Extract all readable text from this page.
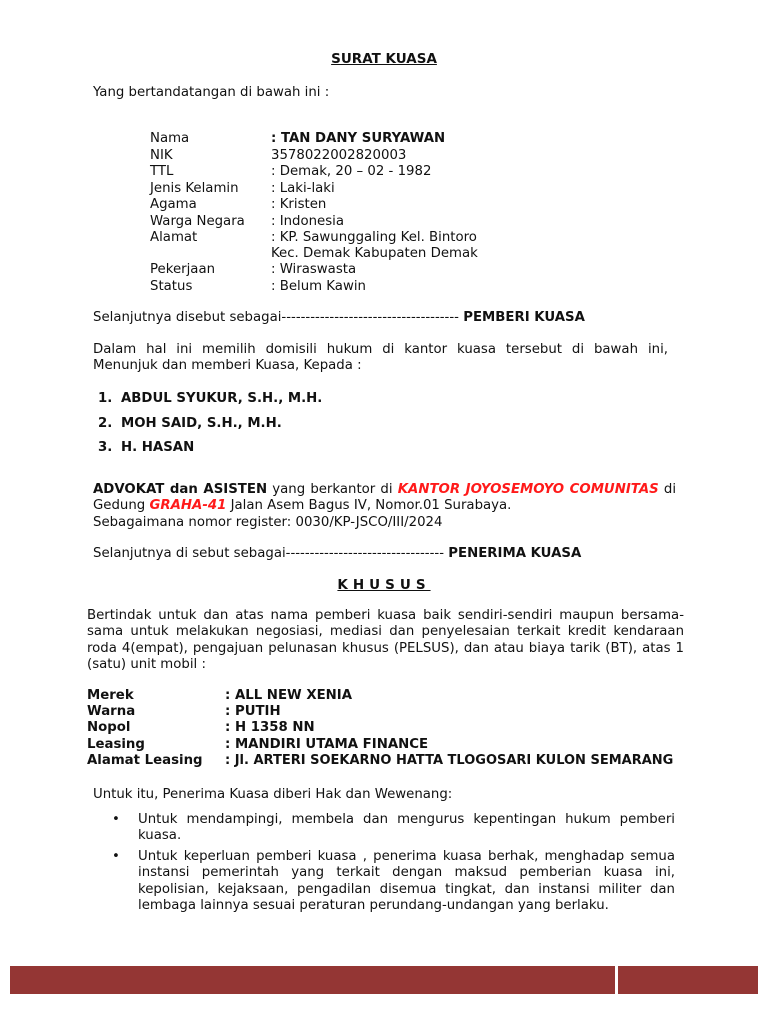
SURAT KUASA
Yang bertandatangan di bawah ini :
Nama	: TAN DANY SURYAWAN
NIK	3578022002820003
TTL	: Demak, 20 – 02 - 1982
Jenis Kelamin : Laki-laki
Agama	: Kristen
Warga Negara : Indonesia
Alamat	: KP. Sawunggaling Kel. Bintoro
Kec. Demak Kabupaten Demak
Pekerjaan	: Wiraswasta
Status	: Belum Kawin
Selanjutnya disebut sebagai------------------------------------- PEMBERI KUASA
Dalam hal ini memilih domisili hukum di kantor kuasa tersebut di bawah ini, Menunjuk dan memberi Kuasa, Kepada :
1. ABDUL SYUKUR, S.H., M.H.
2. MOH SAID, S.H., M.H.
3. H. HASAN
ADVOKAT dan ASISTEN yang berkantor di KANTOR JOYOSEMOYO COMUNITAS di Gedung GRAHA-41 Jalan Asem Bagus IV, Nomor.01 Surabaya.
Sebagaimana nomor register: 0030/KP-JSCO/III/2024
Selanjutnya di sebut sebagai--------------------------------- PENERIMA KUASA
KHUSUS
Bertindak untuk dan atas nama pemberi kuasa baik sendiri-sendiri maupun bersama-sama untuk melakukan negosiasi, mediasi dan penyelesaian terkait kredit kendaraan roda 4(empat), pengajuan pelunasan khusus (PELSUS), dan atau biaya tarik (BT), atas 1 (satu) unit mobil :
Merek	: ALL NEW XENIA
Warna	: PUTIH
Nopol	: H 1358 NN
Leasing	: MANDIRI UTAMA FINANCE
Alamat Leasing : Jl. ARTERI SOEKARNO HATTA TLOGOSARI KULON SEMARANG
Untuk itu, Penerima Kuasa diberi Hak dan Wewenang:
• Untuk mendampingi, membela dan mengurus kepentingan hukum pemberi kuasa.
• Untuk keperluan pemberi kuasa , penerima kuasa berhak, menghadap semua instansi pemerintah yang terkait dengan maksud pemberian kuasa ini, kepolisian, kejaksaan, pengadilan disemua tingkat, dan instansi militer dan lembaga lainnya sesuai peraturan perundang-undangan yang berlaku.
